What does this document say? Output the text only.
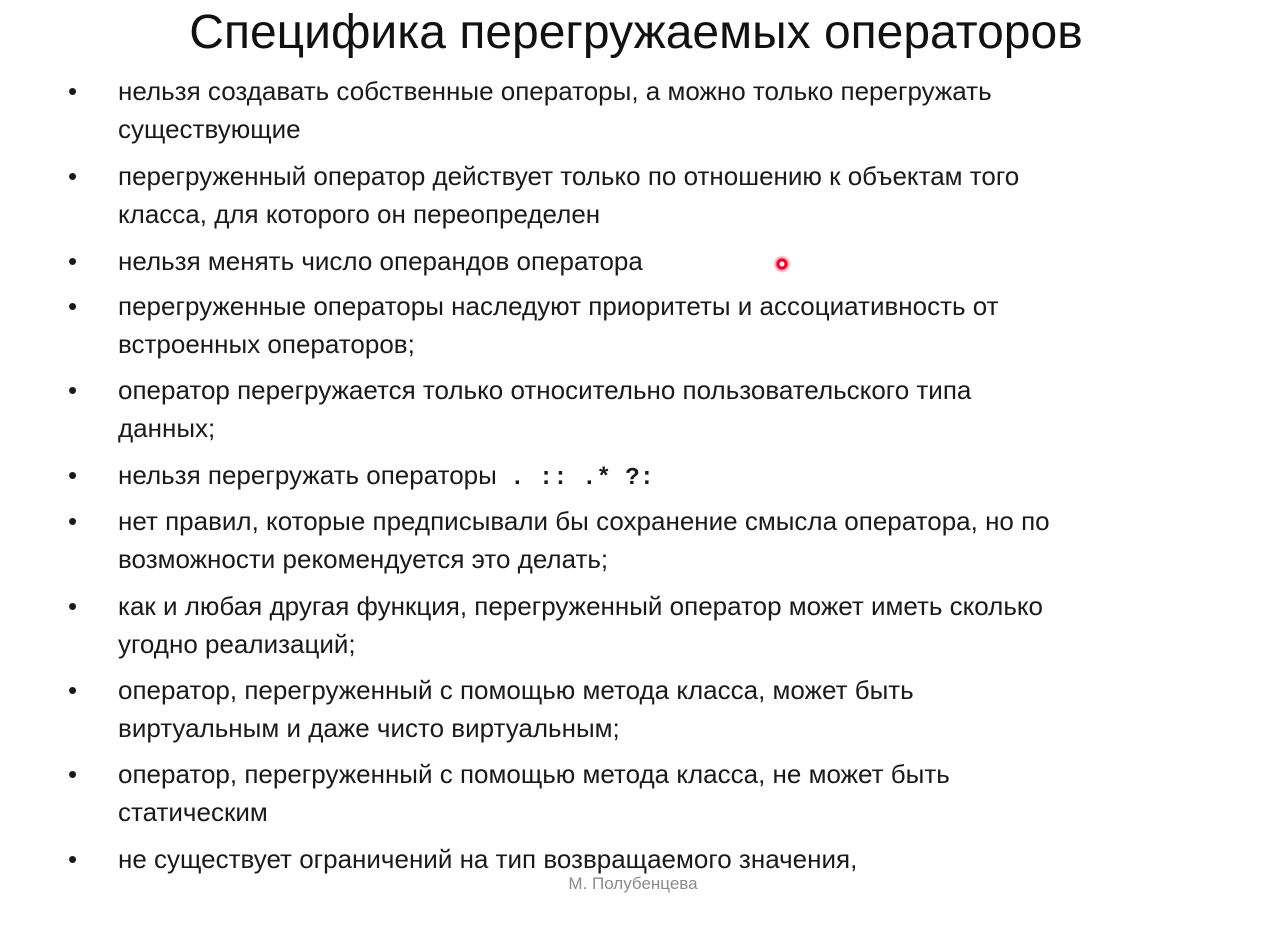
Специфика перегружаемых операторов
• нельзя создавать собственные операторы, а можно только перегружать
существующие
• перегруженный оператор действует только по отношению к объектам того
класса, для которого он переопределен
• нельзя менять число операндов оператора
• перегруженные операторы наследуют приоритеты и ассоциативность от
встроенных операторов;
• оператор перегружается только относительно пользовательского типа
данных;
• нельзя перегружать операторы . :: .* ?:
• нет правил, которые предписывали бы сохранение смысла оператора, но по
возможности рекомендуется это делать;
• как и любая другая функция, перегруженный оператор может иметь сколько
угодно реализаций;
• оператор, перегруженный с помощью метода класса, может быть
виртуальным и даже чисто виртуальным;
• оператор, перегруженный с помощью метода класса, не может быть
статическим
• не существует ограничений на тип возвращаемого значения,
М. Полубенцева
